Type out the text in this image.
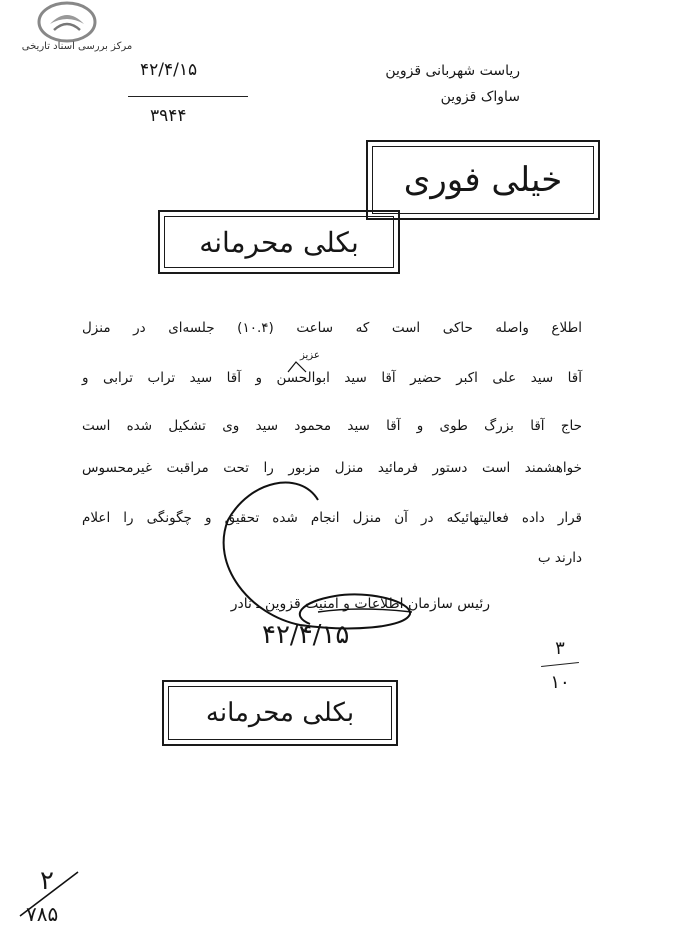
مرکز بررسی اسناد تاریخی
ریاست شهربانی قزوین
ساواک قزوین
۴۲/۴/۱۵
۳۹۴۴
خیلی فوری
بکلی محرمانه
عزیز
اطلاع واصله حاکی است که ساعت (۱۰.۴) جلسه‌ای در منزل
آقا سید علی اکبر حضیر آقا سید ابوالحسن و آقا سید تراب ترابی و
حاج آقا بزرگ طوی و آقا سید محمود سید وی تشکیل شده است
خواهشمند است دستور فرمائید منزل مزبور را تحت مراقبت غیرمحسوس
قرار داده فعالیتهائیکه در آن منزل انجام شده تحقیق و چگونگی را اعلام
دارند ب
رئیس سازمان اطلاعات و امنیت قزوین ـ نادر
۴۲/۴/۱۵	۳
۱۰
بکلی محرمانه
۲
۷۸۵
